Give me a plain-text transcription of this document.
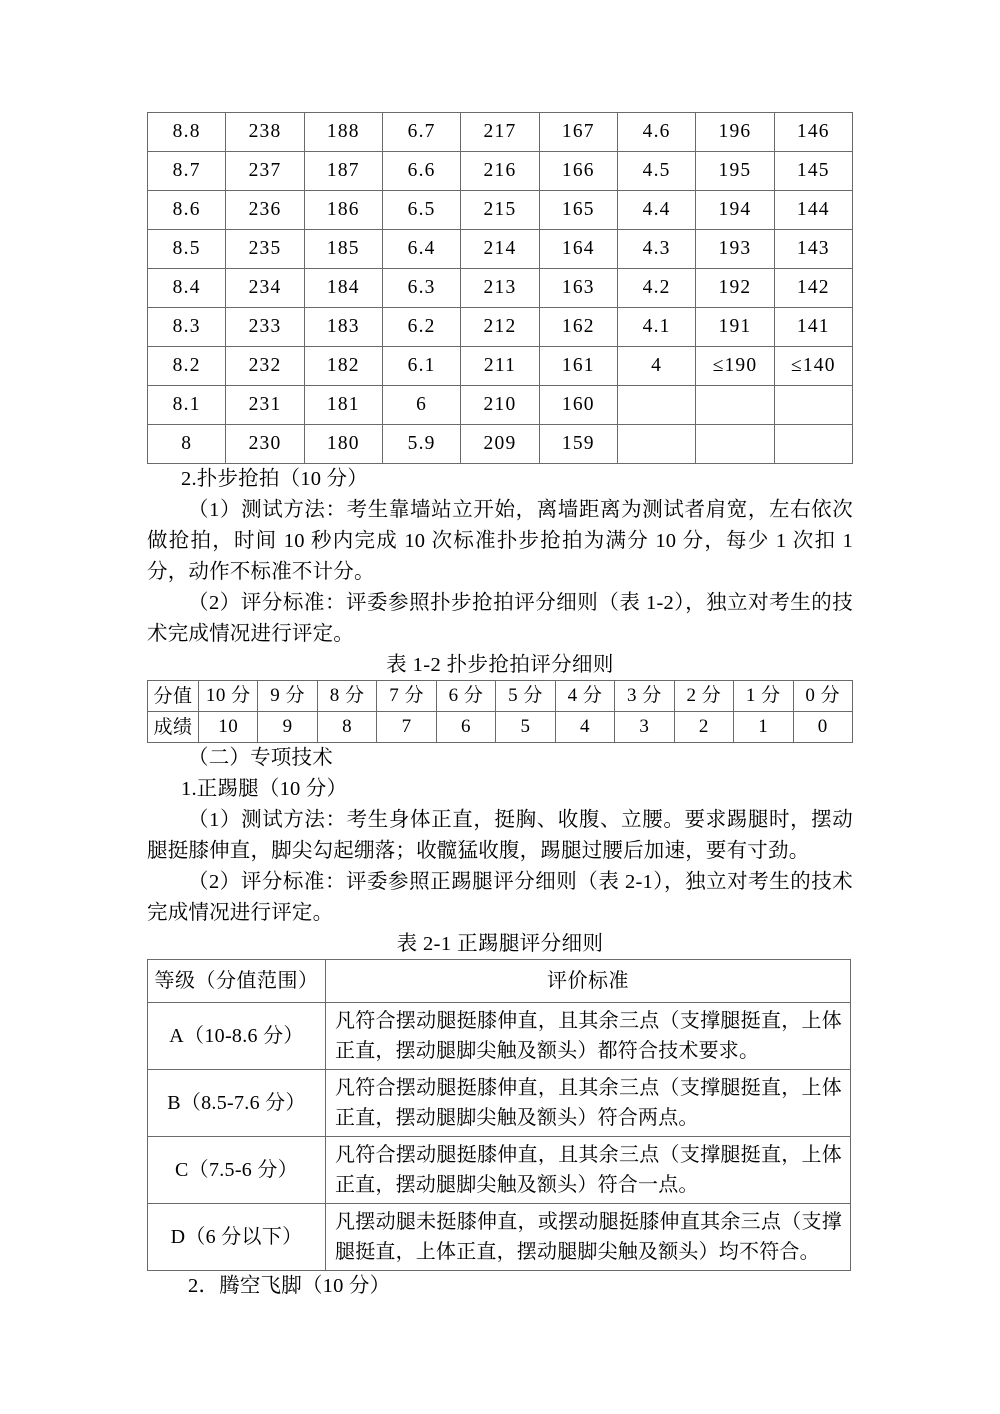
8.8	238	188	6.7	217	167	4.6	196	146
8.7	237	187	6.6	216	166	4.5	195	145
8.6	236	186	6.5	215	165	4.4	194	144
8.5	235	185	6.4	214	164	4.3	193	143
8.4	234	184	6.3	213	163	4.2	192	142
8.3	233	183	6.2	212	162	4.1	191	141
8.2	232	182	6.1	211	161	4	≤190	≤140
8.1	231	181	6	210	160			
8	230	180	5.9	209	159			

2.扑步抢拍（10 分）

（1）测试方法：考生靠墙站立开始，离墙距离为测试者肩宽，左右依次做抢拍，时间 10 秒内完成 10 次标准扑步抢拍为满分 10 分，每少 1 次扣 1 分，动作不标准不计分。

（2）评分标准：评委参照扑步抢拍评分细则（表 1-2），独立对考生的技术完成情况进行评定。

表 1-2 扑步抢拍评分细则

分值	10 分	9 分	8 分	7 分	6 分	5 分	4 分	3 分	2 分	1 分	0 分
成绩	10	9	8	7	6	5	4	3	2	1	0

（二）专项技术

1.正踢腿（10 分）

（1）测试方法：考生身体正直，挺胸、收腹、立腰。要求踢腿时，摆动腿挺膝伸直，脚尖勾起绷落；收髋猛收腹，踢腿过腰后加速，要有寸劲。

（2）评分标准：评委参照正踢腿评分细则（表 2-1），独立对考生的技术完成情况进行评定。

表 2-1 正踢腿评分细则

等级（分值范围）	评价标准
A（10-8.6 分）	凡符合摆动腿挺膝伸直，且其余三点（支撑腿挺直，上体正直，摆动腿脚尖触及额头）都符合技术要求。
B（8.5-7.6 分）	凡符合摆动腿挺膝伸直，且其余三点（支撑腿挺直，上体正直，摆动腿脚尖触及额头）符合两点。
C（7.5-6 分）	凡符合摆动腿挺膝伸直，且其余三点（支撑腿挺直，上体正直，摆动腿脚尖触及额头）符合一点。
D（6 分以下）	凡摆动腿未挺膝伸直，或摆动腿挺膝伸直其余三点（支撑腿挺直，上体正直，摆动腿脚尖触及额头）均不符合。

2．腾空飞脚（10 分）
